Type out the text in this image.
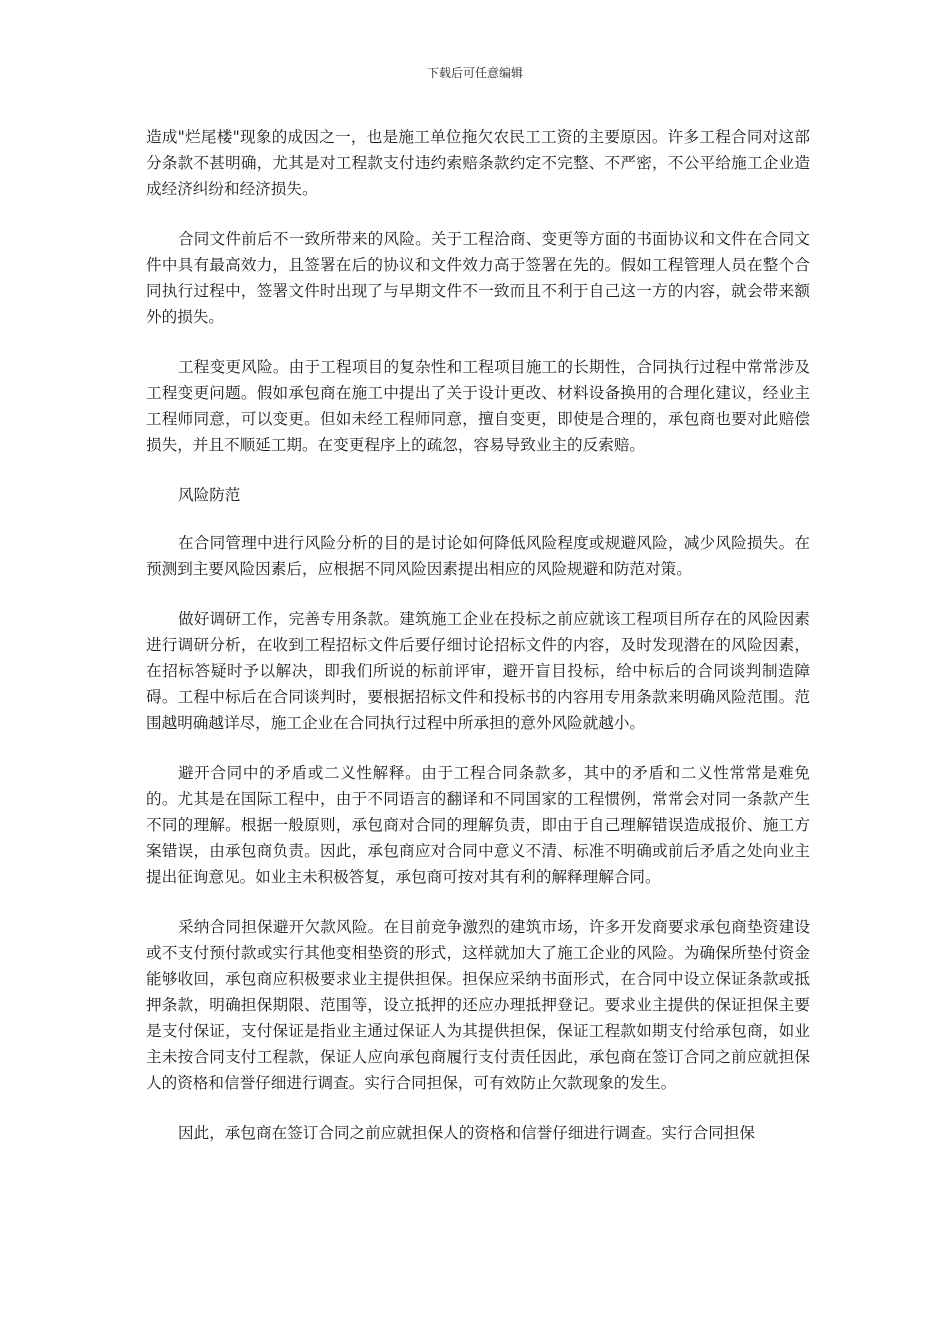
下载后可任意编辑

造成"烂尾楼"现象的成因之一，也是施工单位拖欠农民工工资的主要原因。许多工程合同对这部分条款不甚明确，尤其是对工程款支付违约索赔条款约定不完整、不严密，不公平给施工企业造成经济纠纷和经济损失。

合同文件前后不一致所带来的风险。关于工程洽商、变更等方面的书面协议和文件在合同文件中具有最高效力，且签署在后的协议和文件效力高于签署在先的。假如工程管理人员在整个合同执行过程中，签署文件时出现了与早期文件不一致而且不利于自己这一方的内容，就会带来额外的损失。

工程变更风险。由于工程项目的复杂性和工程项目施工的长期性，合同执行过程中常常涉及工程变更问题。假如承包商在施工中提出了关于设计更改、材料设备换用的合理化建议，经业主工程师同意，可以变更。但如未经工程师同意，擅自变更，即使是合理的，承包商也要对此赔偿损失，并且不顺延工期。在变更程序上的疏忽，容易导致业主的反索赔。

风险防范

在合同管理中进行风险分析的目的是讨论如何降低风险程度或规避风险，减少风险损失。在预测到主要风险因素后，应根据不同风险因素提出相应的风险规避和防范对策。

做好调研工作，完善专用条款。建筑施工企业在投标之前应就该工程项目所存在的风险因素进行调研分析，在收到工程招标文件后要仔细讨论招标文件的内容，及时发现潜在的风险因素，在招标答疑时予以解决，即我们所说的标前评审，避开盲目投标，给中标后的合同谈判制造障碍。工程中标后在合同谈判时，要根据招标文件和投标书的内容用专用条款来明确风险范围。范围越明确越详尽，施工企业在合同执行过程中所承担的意外风险就越小。

避开合同中的矛盾或二义性解释。由于工程合同条款多，其中的矛盾和二义性常常是难免的。尤其是在国际工程中，由于不同语言的翻译和不同国家的工程惯例，常常会对同一条款产生不同的理解。根据一般原则，承包商对合同的理解负责，即由于自己理解错误造成报价、施工方案错误，由承包商负责。因此，承包商应对合同中意义不清、标准不明确或前后矛盾之处向业主提出征询意见。如业主未积极答复，承包商可按对其有利的解释理解合同。

采纳合同担保避开欠款风险。在目前竞争激烈的建筑市场，许多开发商要求承包商垫资建设或不支付预付款或实行其他变相垫资的形式，这样就加大了施工企业的风险。为确保所垫付资金能够收回，承包商应积极要求业主提供担保。担保应采纳书面形式，在合同中设立保证条款或抵押条款，明确担保期限、范围等，设立抵押的还应办理抵押登记。要求业主提供的保证担保主要是支付保证，支付保证是指业主通过保证人为其提供担保，保证工程款如期支付给承包商，如业主未按合同支付工程款，保证人应向承包商履行支付责任因此，承包商在签订合同之前应就担保人的资格和信誉仔细进行调查。实行合同担保，可有效防止欠款现象的发生。

因此，承包商在签订合同之前应就担保人的资格和信誉仔细进行调查。实行合同担保
